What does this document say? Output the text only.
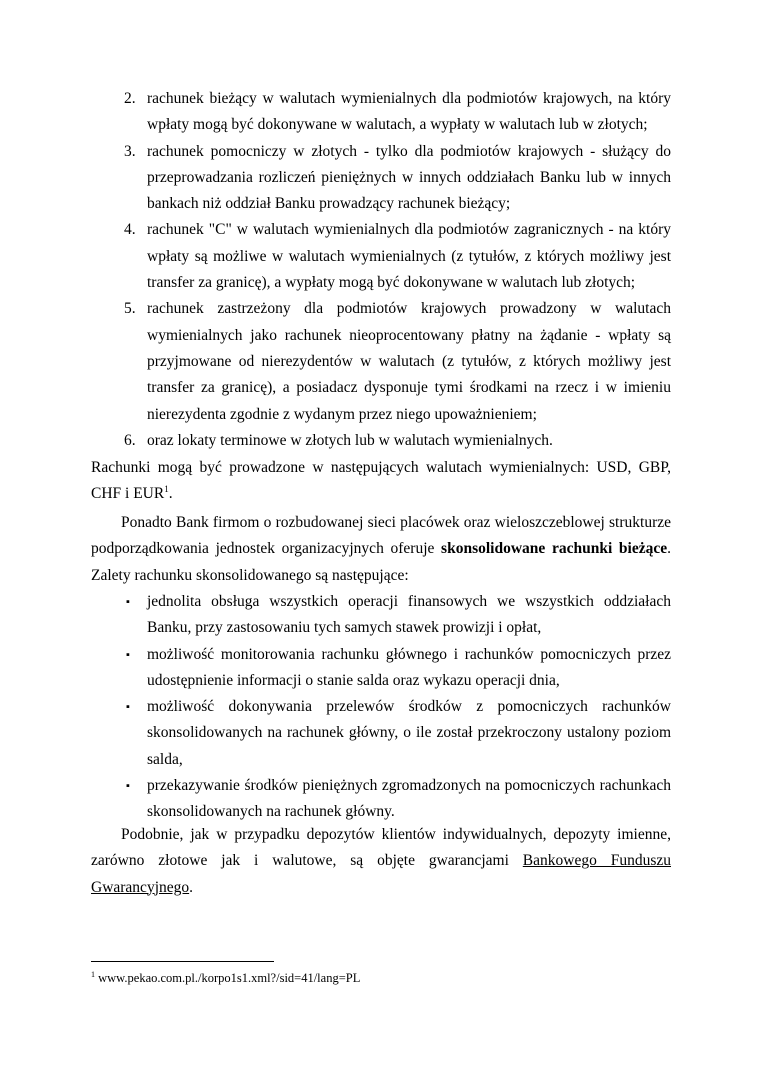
2. rachunek bieżący w walutach wymienialnych dla podmiotów krajowych, na który wpłaty mogą być dokonywane w walutach, a wypłaty w walutach lub w złotych;
3. rachunek pomocniczy w złotych - tylko dla podmiotów krajowych - służący do przeprowadzania rozliczeń pieniężnych w innych oddziałach Banku lub w innych bankach niż oddział Banku prowadzący rachunek bieżący;
4. rachunek "C" w walutach wymienialnych dla podmiotów zagranicznych - na który wpłaty są możliwe w walutach wymienialnych (z tytułów, z których możliwy jest transfer za granicę), a wypłaty mogą być dokonywane w walutach lub złotych;
5. rachunek zastrzeżony dla podmiotów krajowych prowadzony w walutach wymienialnych jako rachunek nieoprocentowany płatny na żądanie - wpłaty są przyjmowane od nierezydentów w walutach (z tytułów, z których możliwy jest transfer za granicę), a posiadacz dysponuje tymi środkami na rzecz i w imieniu nierezydenta zgodnie z wydanym przez niego upoważnieniem;
6. oraz lokaty terminowe w złotych lub w walutach wymienialnych.

Rachunki mogą być prowadzone w następujących walutach wymienialnych: USD, GBP, CHF i EUR$^1$.

Ponadto Bank firmom o rozbudowanej sieci placówek oraz wieloszczeblowej strukturze podporządkowania jednostek organizacyjnych oferuje skonsolidowane rachunki bieżące. Zalety rachunku skonsolidowanego są następujące:

▪ jednolita obsługa wszystkich operacji finansowych we wszystkich oddziałach Banku, przy zastosowaniu tych samych stawek prowizji i opłat,
▪ możliwość monitorowania rachunku głównego i rachunków pomocniczych przez udostępnienie informacji o stanie salda oraz wykazu operacji dnia,
▪ możliwość dokonywania przelewów środków z pomocniczych rachunków skonsolidowanych na rachunek główny, o ile został przekroczony ustalony poziom salda,
▪ przekazywanie środków pieniężnych zgromadzonych na pomocniczych rachunkach skonsolidowanych na rachunek główny.

Podobnie, jak w przypadku depozytów klientów indywidualnych, depozyty imienne, zarówno złotowe jak i walutowe, są objęte gwarancjami Bankowego Funduszu Gwarancyjnego.

$^1$ www.pekao.com.pl./korpo1s1.xml?/sid=41/lang=PL
